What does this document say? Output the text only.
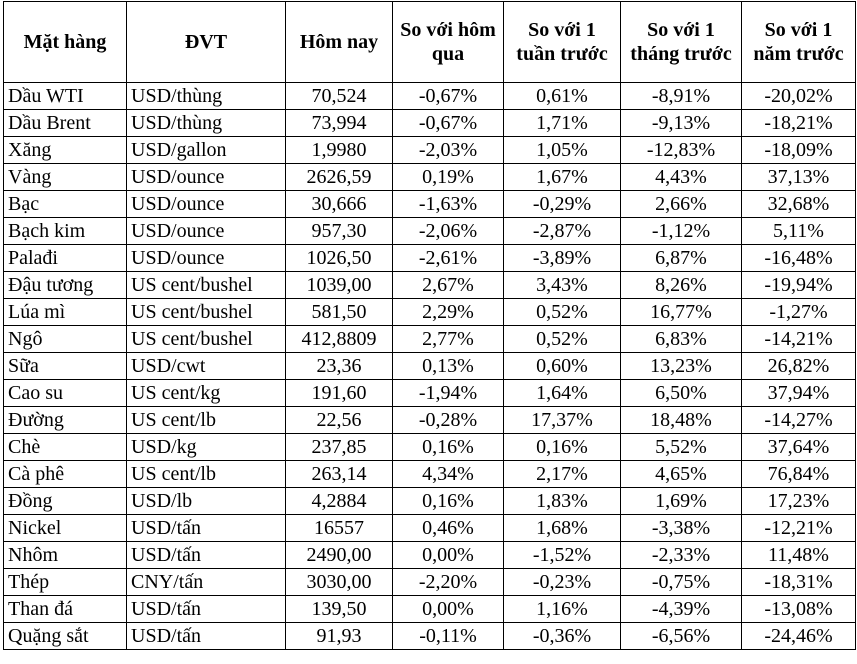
Mặt hàng	ĐVT	Hôm nay	So với hôm qua	So với 1 tuần trước	So với 1 tháng trước	So với 1 năm trước
Dầu WTI	USD/thùng	70,524	-0,67%	0,61%	-8,91%	-20,02%
Dầu Brent	USD/thùng	73,994	-0,67%	1,71%	-9,13%	-18,21%
Xăng	USD/gallon	1,9980	-2,03%	1,05%	-12,83%	-18,09%
Vàng	USD/ounce	2626,59	0,19%	1,67%	4,43%	37,13%
Bạc	USD/ounce	30,666	-1,63%	-0,29%	2,66%	32,68%
Bạch kim	USD/ounce	957,30	-2,06%	-2,87%	-1,12%	5,11%
Palađi	USD/ounce	1026,50	-2,61%	-3,89%	6,87%	-16,48%
Đậu tương	US cent/bushel	1039,00	2,67%	3,43%	8,26%	-19,94%
Lúa mì	US cent/bushel	581,50	2,29%	0,52%	16,77%	-1,27%
Ngô	US cent/bushel	412,8809	2,77%	0,52%	6,83%	-14,21%
Sữa	USD/cwt	23,36	0,13%	0,60%	13,23%	26,82%
Cao su	US cent/kg	191,60	-1,94%	1,64%	6,50%	37,94%
Đường	US cent/lb	22,56	-0,28%	17,37%	18,48%	-14,27%
Chè	USD/kg	237,85	0,16%	0,16%	5,52%	37,64%
Cà phê	US cent/lb	263,14	4,34%	2,17%	4,65%	76,84%
Đồng	USD/lb	4,2884	0,16%	1,83%	1,69%	17,23%
Nickel	USD/tấn	16557	0,46%	1,68%	-3,38%	-12,21%
Nhôm	USD/tấn	2490,00	0,00%	-1,52%	-2,33%	11,48%
Thép	CNY/tấn	3030,00	-2,20%	-0,23%	-0,75%	-18,31%
Than đá	USD/tấn	139,50	0,00%	1,16%	-4,39%	-13,08%
Quặng sắt	USD/tấn	91,93	-0,11%	-0,36%	-6,56%	-24,46%
